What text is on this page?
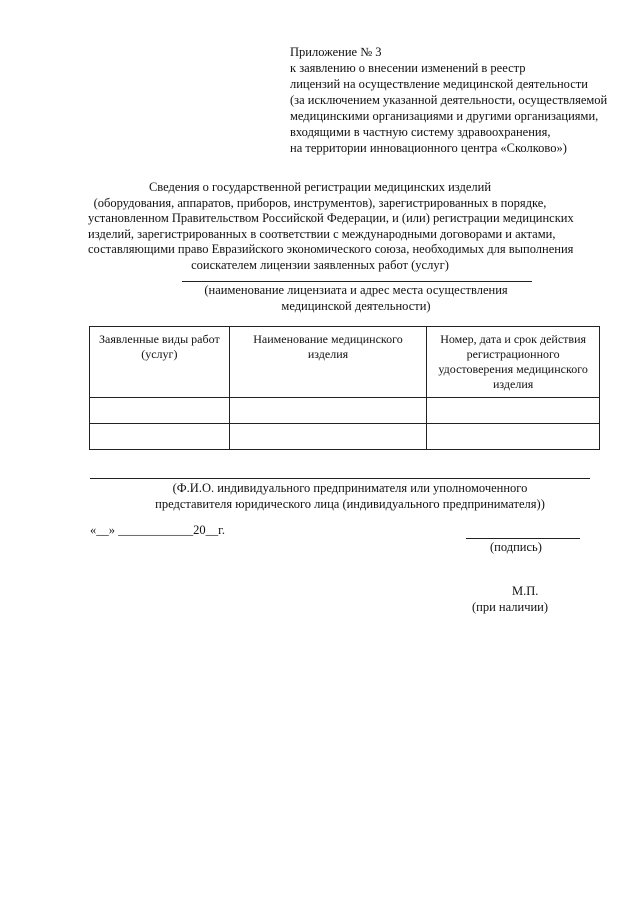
Приложение № 3
к заявлению о внесении изменений в реестр
лицензий на осуществление медицинской деятельности
(за исключением указанной деятельности, осуществляемой
медицинскими организациями и другими организациями,
входящими в частную систему здравоохранения,
на территории инновационного центра «Сколково»)
Сведения о государственной регистрации медицинских изделий
(оборудования, аппаратов, приборов, инструментов), зарегистрированных в порядке,
установленном Правительством Российской Федерации, и (или) регистрации медицинских
изделий, зарегистрированных в соответствии с международными договорами и актами,
составляющими право Евразийского экономического союза, необходимых для выполнения
соискателем лицензии заявленных работ (услуг)
(наименование лицензиата и адрес места осуществления
медицинской деятельности)
Заявленные виды работ (услуг)	Наименование медицинского изделия	Номер, дата и срок действия регистрационного удостоверения медицинского изделия

(Ф.И.О. индивидуального предпринимателя или уполномоченного
представителя юридического лица (индивидуального предпринимателя))
«__» ____________20__г.
(подпись)
М.П.
(при наличии)
